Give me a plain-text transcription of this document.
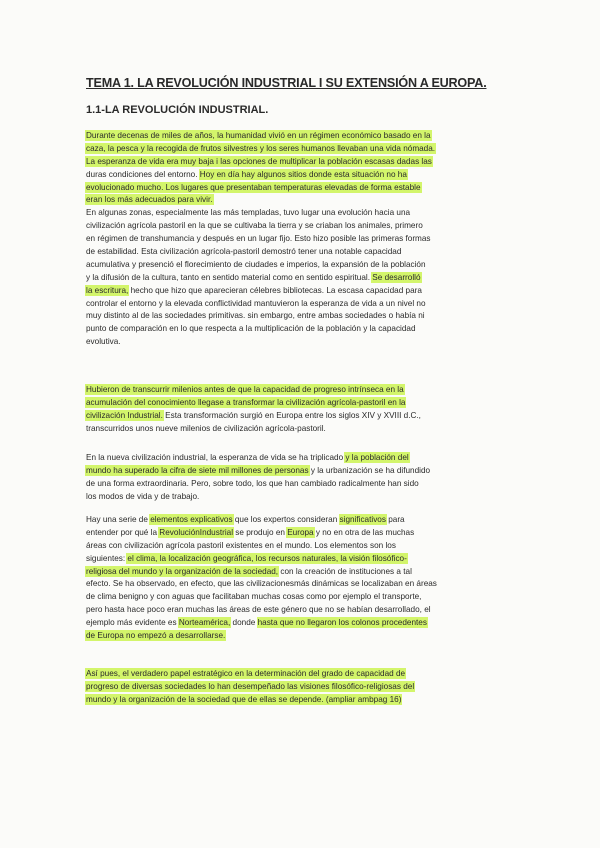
TEMA 1. LA REVOLUCIÓN INDUSTRIAL I SU EXTENSIÓN A EUROPA.
1.1-LA REVOLUCIÓN INDUSTRIAL.
Durante decenas de miles de años, la humanidad vivió en un régimen económico basado en la
caza, la pesca y la recogida de frutos silvestres y los seres humanos llevaban una vida nómada.
La esperanza de vida era muy baja i las opciones de multiplicar la población escasas dadas las
duras condiciones del entorno. Hoy en día hay algunos sitios donde esta situación no ha
evolucionado mucho. Los lugares que presentaban temperaturas elevadas de forma estable
eran los más adecuados para vivir.
En algunas zonas, especialmente las más templadas, tuvo lugar una evolución hacia una
civilización agrícola pastoril en la que se cultivaba la tierra y se criaban los animales, primero
en régimen de transhumancia y después en un lugar fijo. Esto hizo posible las primeras formas
de estabilidad. Esta civilización agrícola-pastoril demostró tener una notable capacidad
acumulativa y presenció el florecimiento de ciudades e imperios, la expansión de la población
y la difusión de la cultura, tanto en sentido material como en sentido espiritual. Se desarrolló
la escritura, hecho que hizo que aparecieran célebres bibliotecas. La escasa capacidad para
controlar el entorno y la elevada conflictividad mantuvieron la esperanza de vida a un nivel no
muy distinto al de las sociedades primitivas. sin embargo, entre ambas sociedades o había ni
punto de comparación en lo que respecta a la multiplicación de la población y la capacidad
evolutiva.
Hubieron de transcurrir milenios antes de que la capacidad de progreso intrínseca en la
acumulación del conocimiento llegase a transformar la civilización agrícola-pastoril en la
civilización Industrial. Esta transformación surgió en Europa entre los siglos XIV y XVIII d.C.,
transcurridos unos nueve milenios de civilización agrícola-pastoril.
En la nueva civilización industrial, la esperanza de vida se ha triplicado y la población del
mundo ha superado la cifra de siete mil millones de personas y la urbanización se ha difundido
de una forma extraordinaria. Pero, sobre todo, los que han cambiado radicalmente han sido
los modos de vida y de trabajo.
Hay una serie de elementos explicativos que los expertos consideran significativos para
entender por qué la RevoluciónIndustrial se produjo en Europa y no en otra de las muchas
áreas con civilización agrícola pastoril existentes en el mundo. Los elementos son los
siguientes: el clima, la localización geográfica, los recursos naturales, la visión filosófico-
religiosa del mundo y la organización de la sociedad, con la creación de instituciones a tal
efecto. Se ha observado, en efecto, que las civilizacionesmás dinámicas se localizaban en áreas
de clima benigno y con aguas que facilitaban muchas cosas como por ejemplo el transporte,
pero hasta hace poco eran muchas las áreas de este género que no se habían desarrollado, el
ejemplo más evidente es Norteamérica, donde hasta que no llegaron los colonos procedentes
de Europa no empezó a desarrollarse.
Así pues, el verdadero papel estratégico en la determinación del grado de capacidad de
progreso de diversas sociedades lo han desempeñado las visiones filosófico-religiosas del
mundo y la organización de la sociedad que de ellas se depende. (ampliar ambpag 16)
